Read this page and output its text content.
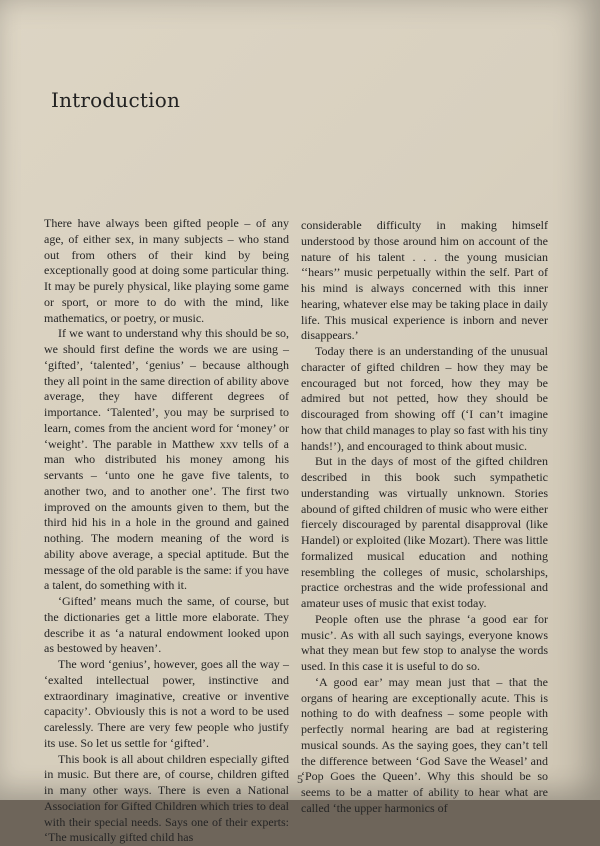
Introduction

There have always been gifted people – of any age, of either sex, in many subjects – who stand out from others of their kind by being exceptionally good at doing some particular thing. It may be purely physical, like playing some game or sport, or more to do with the mind, like mathematics, or poetry, or music.

If we want to understand why this should be so, we should first define the words we are using – ‘gifted’, ‘talented’, ‘genius’ – because although they all point in the same direction of ability above average, they have different degrees of importance. ‘Talented’, you may be surprised to learn, comes from the ancient word for ‘money’ or ‘weight’. The parable in Matthew xxv tells of a man who distributed his money among his servants – ‘unto one he gave five talents, to another two, and to another one’. The first two improved on the amounts given to them, but the third hid his in a hole in the ground and gained nothing. The modern meaning of the word is ability above average, a special aptitude. But the message of the old parable is the same: if you have a talent, do something with it.

‘Gifted’ means much the same, of course, but the dictionaries get a little more elaborate. They describe it as ‘a natural endowment looked upon as bestowed by heaven’.

The word ‘genius’, however, goes all the way – ‘exalted intellectual power, instinctive and extraordinary imaginative, creative or inventive capacity’. Obviously this is not a word to be used carelessly. There are very few people who justify its use. So let us settle for ‘gifted’.

This book is all about children especially gifted in music. But there are, of course, children gifted in many other ways. There is even a National Association for Gifted Children which tries to deal with their special needs. Says one of their experts: ‘The musically gifted child has

considerable difficulty in making himself understood by those around him on account of the nature of his talent . . . the young musician ‘‘hears’’ music perpetually within the self. Part of his mind is always concerned with this inner hearing, whatever else may be taking place in daily life. This musical experience is inborn and never disappears.’

Today there is an understanding of the unusual character of gifted children – how they may be encouraged but not forced, how they may be admired but not petted, how they should be discouraged from showing off (‘I can’t imagine how that child manages to play so fast with his tiny hands!’), and encouraged to think about music.

But in the days of most of the gifted children described in this book such sympathetic understanding was virtually unknown. Stories abound of gifted children of music who were either fiercely discouraged by parental disapproval (like Handel) or exploited (like Mozart). There was little formalized musical education and nothing resembling the colleges of music, scholarships, practice orchestras and the wide professional and amateur uses of music that exist today.

People often use the phrase ‘a good ear for music’. As with all such sayings, everyone knows what they mean but few stop to analyse the words used. In this case it is useful to do so.

‘A good ear’ may mean just that – that the organs of hearing are exceptionally acute. This is nothing to do with deafness – some people with perfectly normal hearing are bad at registering musical sounds. As the saying goes, they can’t tell the difference between ‘God Save the Weasel’ and ‘Pop Goes the Queen’. Why this should be so seems to be a matter of ability to hear what are called ‘the upper harmonics of

5
